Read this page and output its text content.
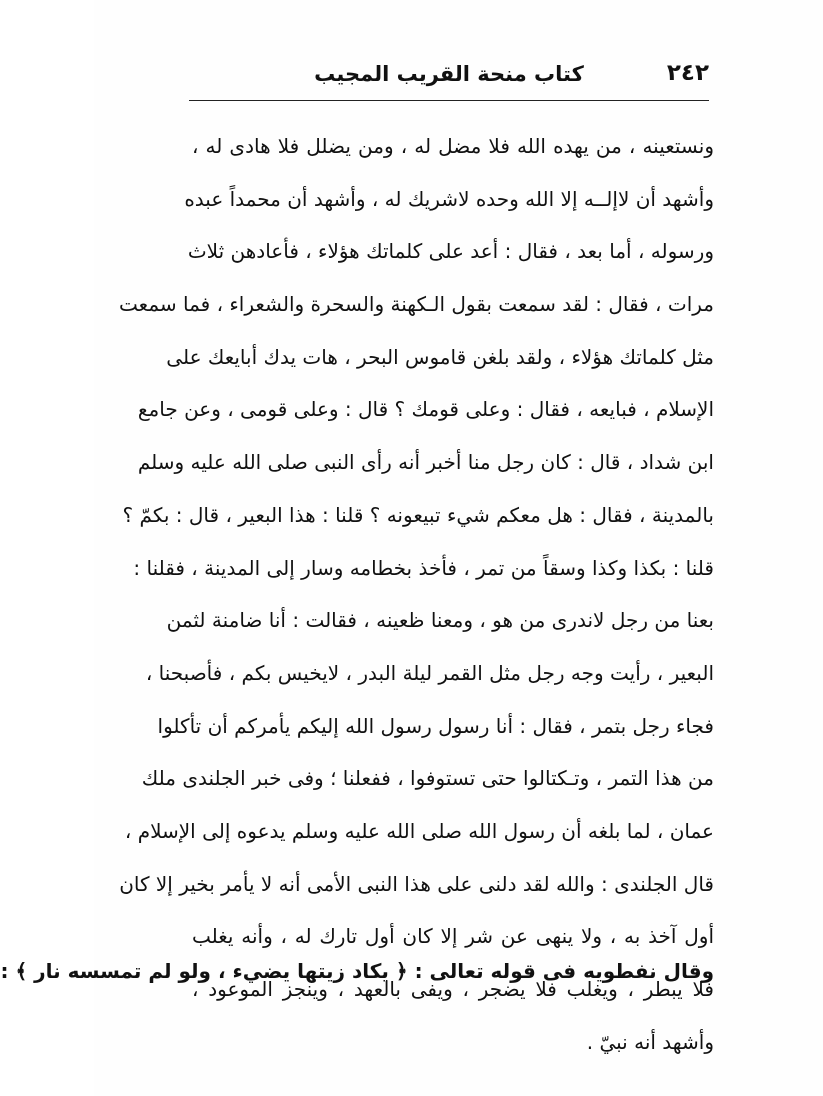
٢٤٢
كتاب منحة القريب المجيب
ونستعينه ، من يهده الله فلا مضل له ، ومن يضلل فلا هادى له ،
وأشهد أن لاإلــه إلا الله وحده لاشريك له ، وأشهد أن محمداً عبده
ورسوله ، أما بعد ، فقال : أعد على كلماتك هؤلاء ، فأعادهن ثلاث
مرات ، فقال : لقد سمعت بقول الـكهنة والسحرة والشعراء ، فما سمعت
مثل كلماتك هؤلاء ، ولقد بلغن قاموس البحر ، هات يدك أبايعك على
الإسلام ، فبايعه ، فقال : وعلى قومك ؟ قال : وعلى قومى ، وعن جامع
ابن شداد ، قال : كان رجل منا أخبر أنه رأى النبى صلى الله عليه وسلم
بالمدينة ، فقال : هل معكم شيء تبيعونه ؟ قلنا : هذا البعير ، قال : بكمّ ؟
قلنا : بكذا وكذا وسقاً من تمر ، فأخذ بخطامه وسار إلى المدينة ، فقلنا :
بعنا من رجل لاندرى من هو ، ومعنا ظعينه ، فقالت : أنا ضامنة لثمن
البعير ، رأيت وجه رجل مثل القمر ليلة البدر ، لايخيس بكم ، فأصبحنا ،
فجاء رجل بتمر ، فقال : أنا رسول رسول الله إليكم يأمركم أن تأكلوا
من هذا التمر ، وتـكتالوا حتى تستوفوا ، ففعلنا ؛ وفى خبر الجلندى ملك
عمان ، لما بلغه أن رسول الله صلى الله عليه وسلم يدعوه إلى الإسلام ،
قال الجلندى : والله لقد دلنى على هذا النبى الأمى أنه لا يأمر بخير إلا كان
أول آخذ به ، ولا ينهى عن شر إلا كان أول تارك له ، وأنه يغلب
فلا يبطر ، ويغلب فلا يضجر ، ويفى بالعهد ، وينجز الموعود ،
وأشهد أنه نبيّ .
وقال نفطويه فى قوله تعالى : ﴿ يكاد زيتها يضيء ، ولو لم تمسسه نار ﴾ :
